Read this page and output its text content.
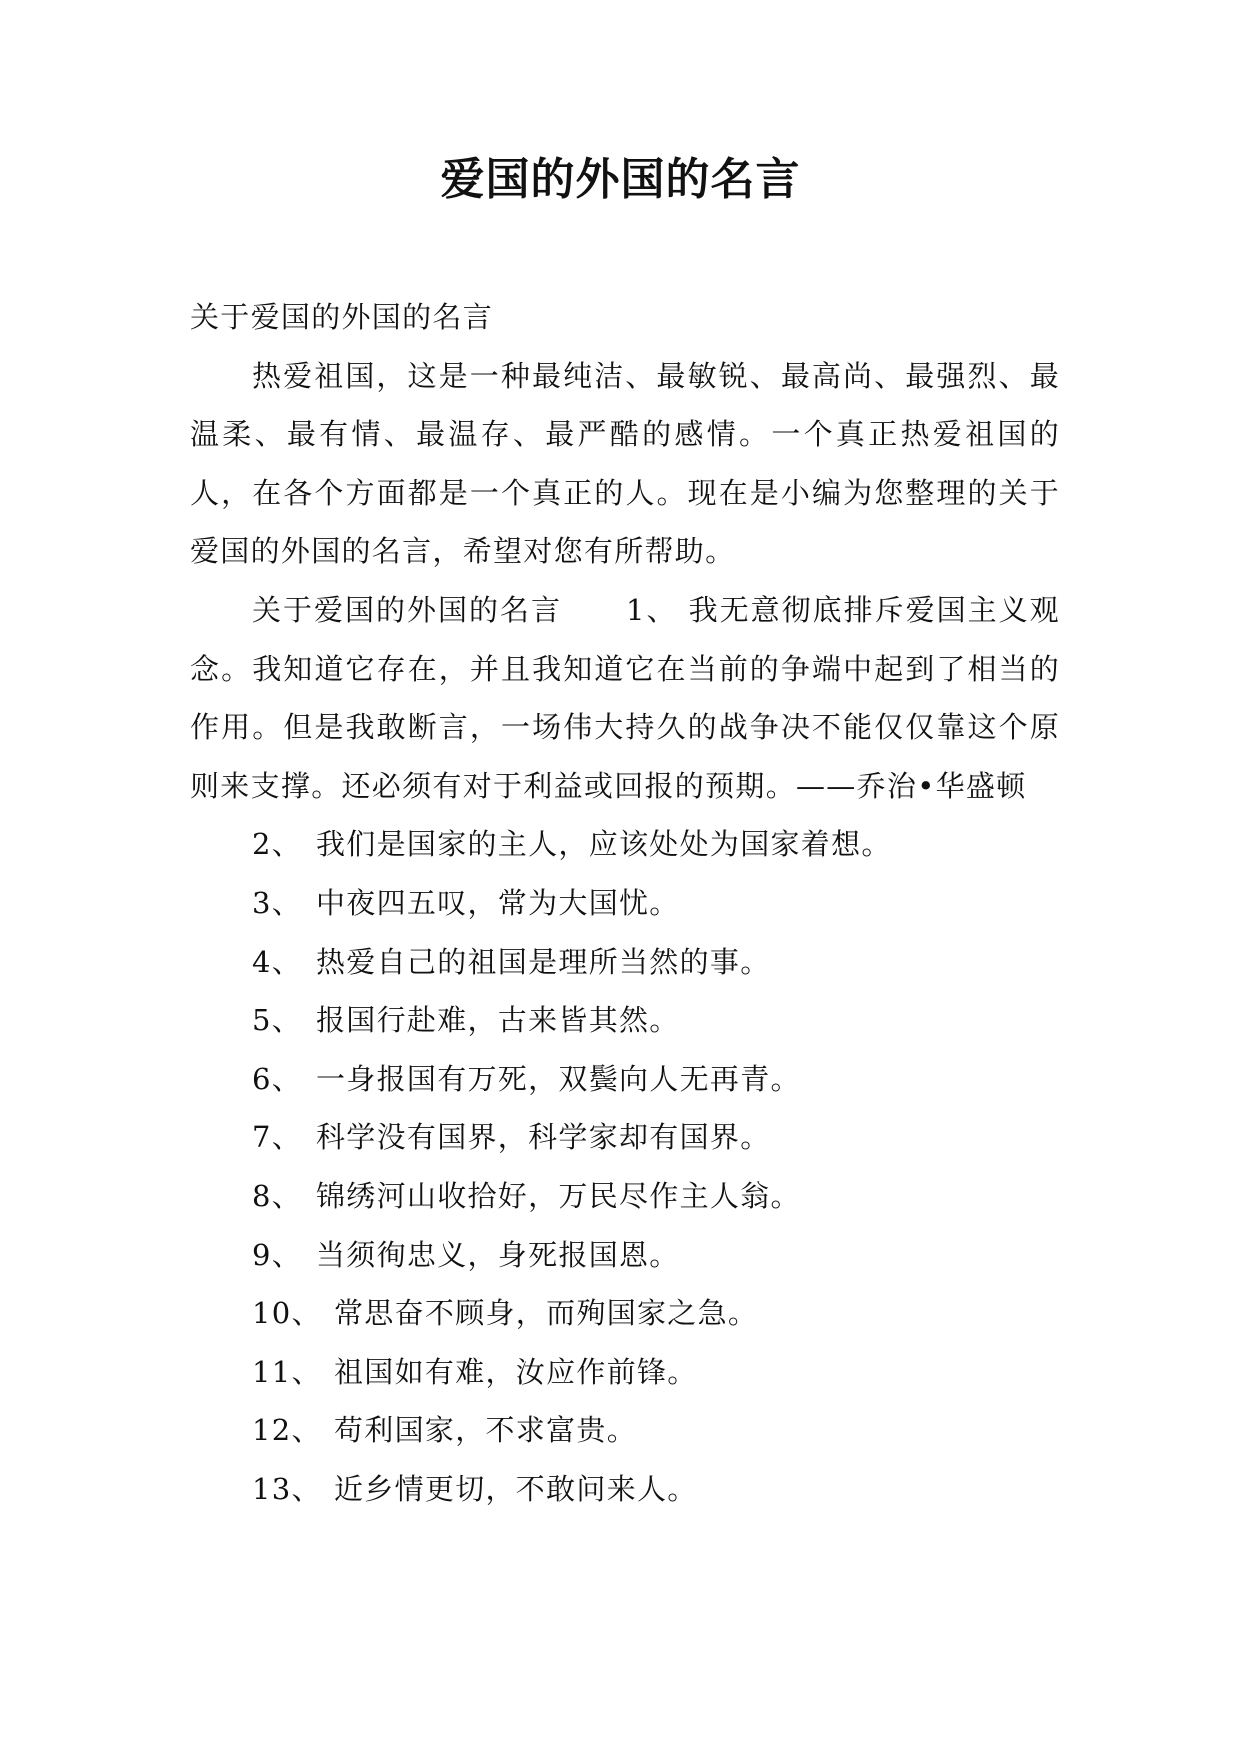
爱国的外国的名言

关于爱国的外国的名言

热爱祖国，这是一种最纯洁、最敏锐、最高尚、最强烈、最温柔、最有情、最温存、最严酷的感情。一个真正热爱祖国的人，在各个方面都是一个真正的人。现在是小编为您整理的关于爱国的外国的名言，希望对您有所帮助。

关于爱国的外国的名言 1、 我无意彻底排斥爱国主义观念。我知道它存在，并且我知道它在当前的争端中起到了相当的作用。但是我敢断言，一场伟大持久的战争决不能仅仅靠这个原则来支撑。还必须有对于利益或回报的预期。——乔治•华盛顿

2、 我们是国家的主人，应该处处为国家着想。

3、 中夜四五叹，常为大国忧。

4、 热爱自己的祖国是理所当然的事。

5、 报国行赴难，古来皆其然。

6、 一身报国有万死，双鬓向人无再青。

7、 科学没有国界，科学家却有国界。

8、 锦绣河山收拾好，万民尽作主人翁。

9、 当须徇忠义，身死报国恩。

10、 常思奋不顾身，而殉国家之急。

11、 祖国如有难，汝应作前锋。

12、 苟利国家，不求富贵。

13、 近乡情更切，不敢问来人。
